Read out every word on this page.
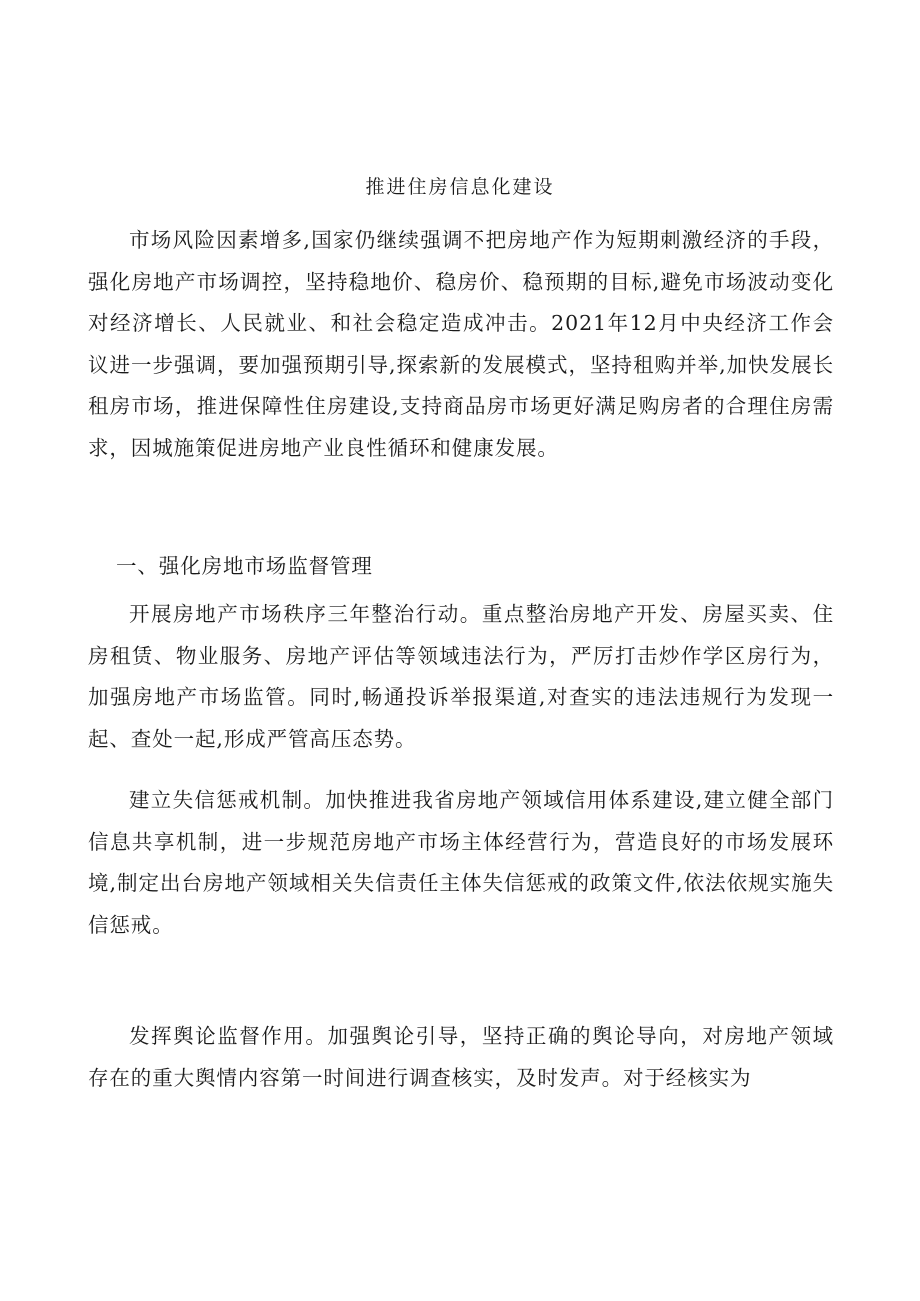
推进住房信息化建设

市场风险因素增多,国家仍继续强调不把房地产作为短期刺激经济的手段，强化房地产市场调控，坚持稳地价、稳房价、稳预期的目标,避免市场波动变化对经济增长、人民就业、和社会稳定造成冲击。2021年12月中央经济工作会议进一步强调，要加强预期引导,探索新的发展模式，坚持租购并举,加快发展长租房市场，推进保障性住房建设,支持商品房市场更好满足购房者的合理住房需求，因城施策促进房地产业良性循环和健康发展。

一、强化房地市场监督管理

开展房地产市场秩序三年整治行动。重点整治房地产开发、房屋买卖、住房租赁、物业服务、房地产评估等领域违法行为，严厉打击炒作学区房行为，加强房地产市场监管。同时,畅通投诉举报渠道,对查实的违法违规行为发现一起、查处一起,形成严管高压态势。

建立失信惩戒机制。加快推进我省房地产领域信用体系建设,建立健全部门信息共享机制，进一步规范房地产市场主体经营行为，营造良好的市场发展环境,制定出台房地产领域相关失信责任主体失信惩戒的政策文件,依法依规实施失信惩戒。

发挥舆论监督作用。加强舆论引导，坚持正确的舆论导向，对房地产领域存在的重大舆情内容第一时间进行调查核实，及时发声。对于经核实为
